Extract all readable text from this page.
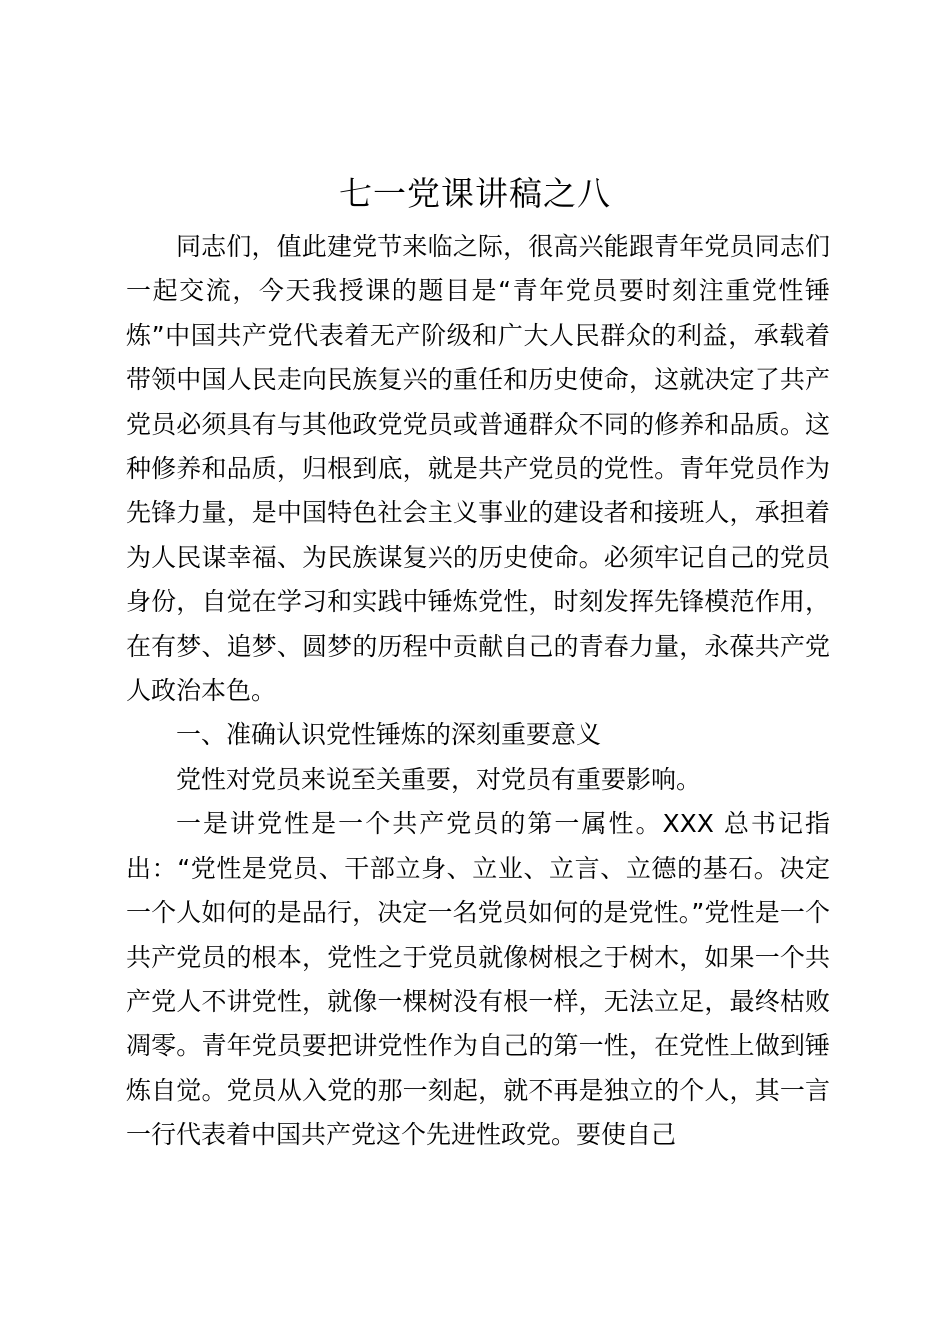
七一党课讲稿之八

同志们，值此建党节来临之际，很高兴能跟青年党员同志们一起交流，今天我授课的题目是“青年党员要时刻注重党性锤炼”中国共产党代表着无产阶级和广大人民群众的利益，承载着带领中国人民走向民族复兴的重任和历史使命，这就决定了共产党员必须具有与其他政党党员或普通群众不同的修养和品质。这种修养和品质，归根到底，就是共产党员的党性。青年党员作为先锋力量，是中国特色社会主义事业的建设者和接班人，承担着为人民谋幸福、为民族谋复兴的历史使命。必须牢记自己的党员身份，自觉在学习和实践中锤炼党性，时刻发挥先锋模范作用，在有梦、追梦、圆梦的历程中贡献自己的青春力量，永葆共产党人政治本色。

一、准确认识党性锤炼的深刻重要意义

党性对党员来说至关重要，对党员有重要影响。

一是讲党性是一个共产党员的第一属性。XXX 总书记指出：“党性是党员、干部立身、立业、立言、立德的基石。决定一个人如何的是品行，决定一名党员如何的是党性。”党性是一个共产党员的根本，党性之于党员就像树根之于树木，如果一个共产党人不讲党性，就像一棵树没有根一样，无法立足，最终枯败凋零。青年党员要把讲党性作为自己的第一性，在党性上做到锤炼自觉。党员从入党的那一刻起，就不再是独立的个人，其一言一行代表着中国共产党这个先进性政党。要使自己
